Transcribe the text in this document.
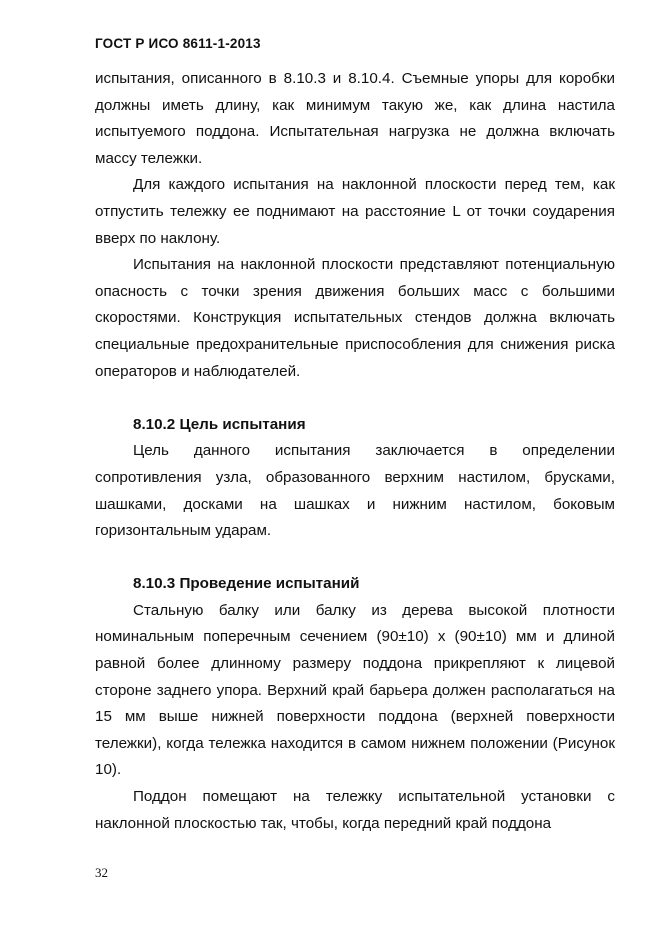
ГОСТ Р ИСО 8611-1-2013

испытания, описанного в 8.10.3 и 8.10.4. Съемные упоры для коробки должны иметь длину, как минимум такую же, как длина настила испытуемого поддона. Испытательная нагрузка не должна включать массу тележки.

Для каждого испытания на наклонной плоскости перед тем, как отпустить тележку ее поднимают на расстояние L от точки соударения вверх по наклону.

Испытания на наклонной плоскости представляют потенциальную опасность с точки зрения движения больших масс с большими скоростями. Конструкция испытательных стендов должна включать специальные предохранительные приспособления для снижения риска операторов и наблюдателей.

8.10.2 Цель испытания

Цель данного испытания заключается в определении сопротивления узла, образованного верхним настилом, брусками, шашками, досками на шашках и нижним настилом, боковым горизонтальным ударам.

8.10.3 Проведение испытаний

Стальную балку или балку из дерева высокой плотности номинальным поперечным сечением (90±10) х (90±10) мм и длиной равной более длинному размеру поддона прикрепляют к лицевой стороне заднего упора. Верхний край барьера должен располагаться на 15 мм выше нижней поверхности поддона (верхней поверхности тележки), когда тележка находится в самом нижнем положении (Рисунок 10).

Поддон помещают на тележку испытательной установки с наклонной плоскостью так, чтобы, когда передний край поддона

32
